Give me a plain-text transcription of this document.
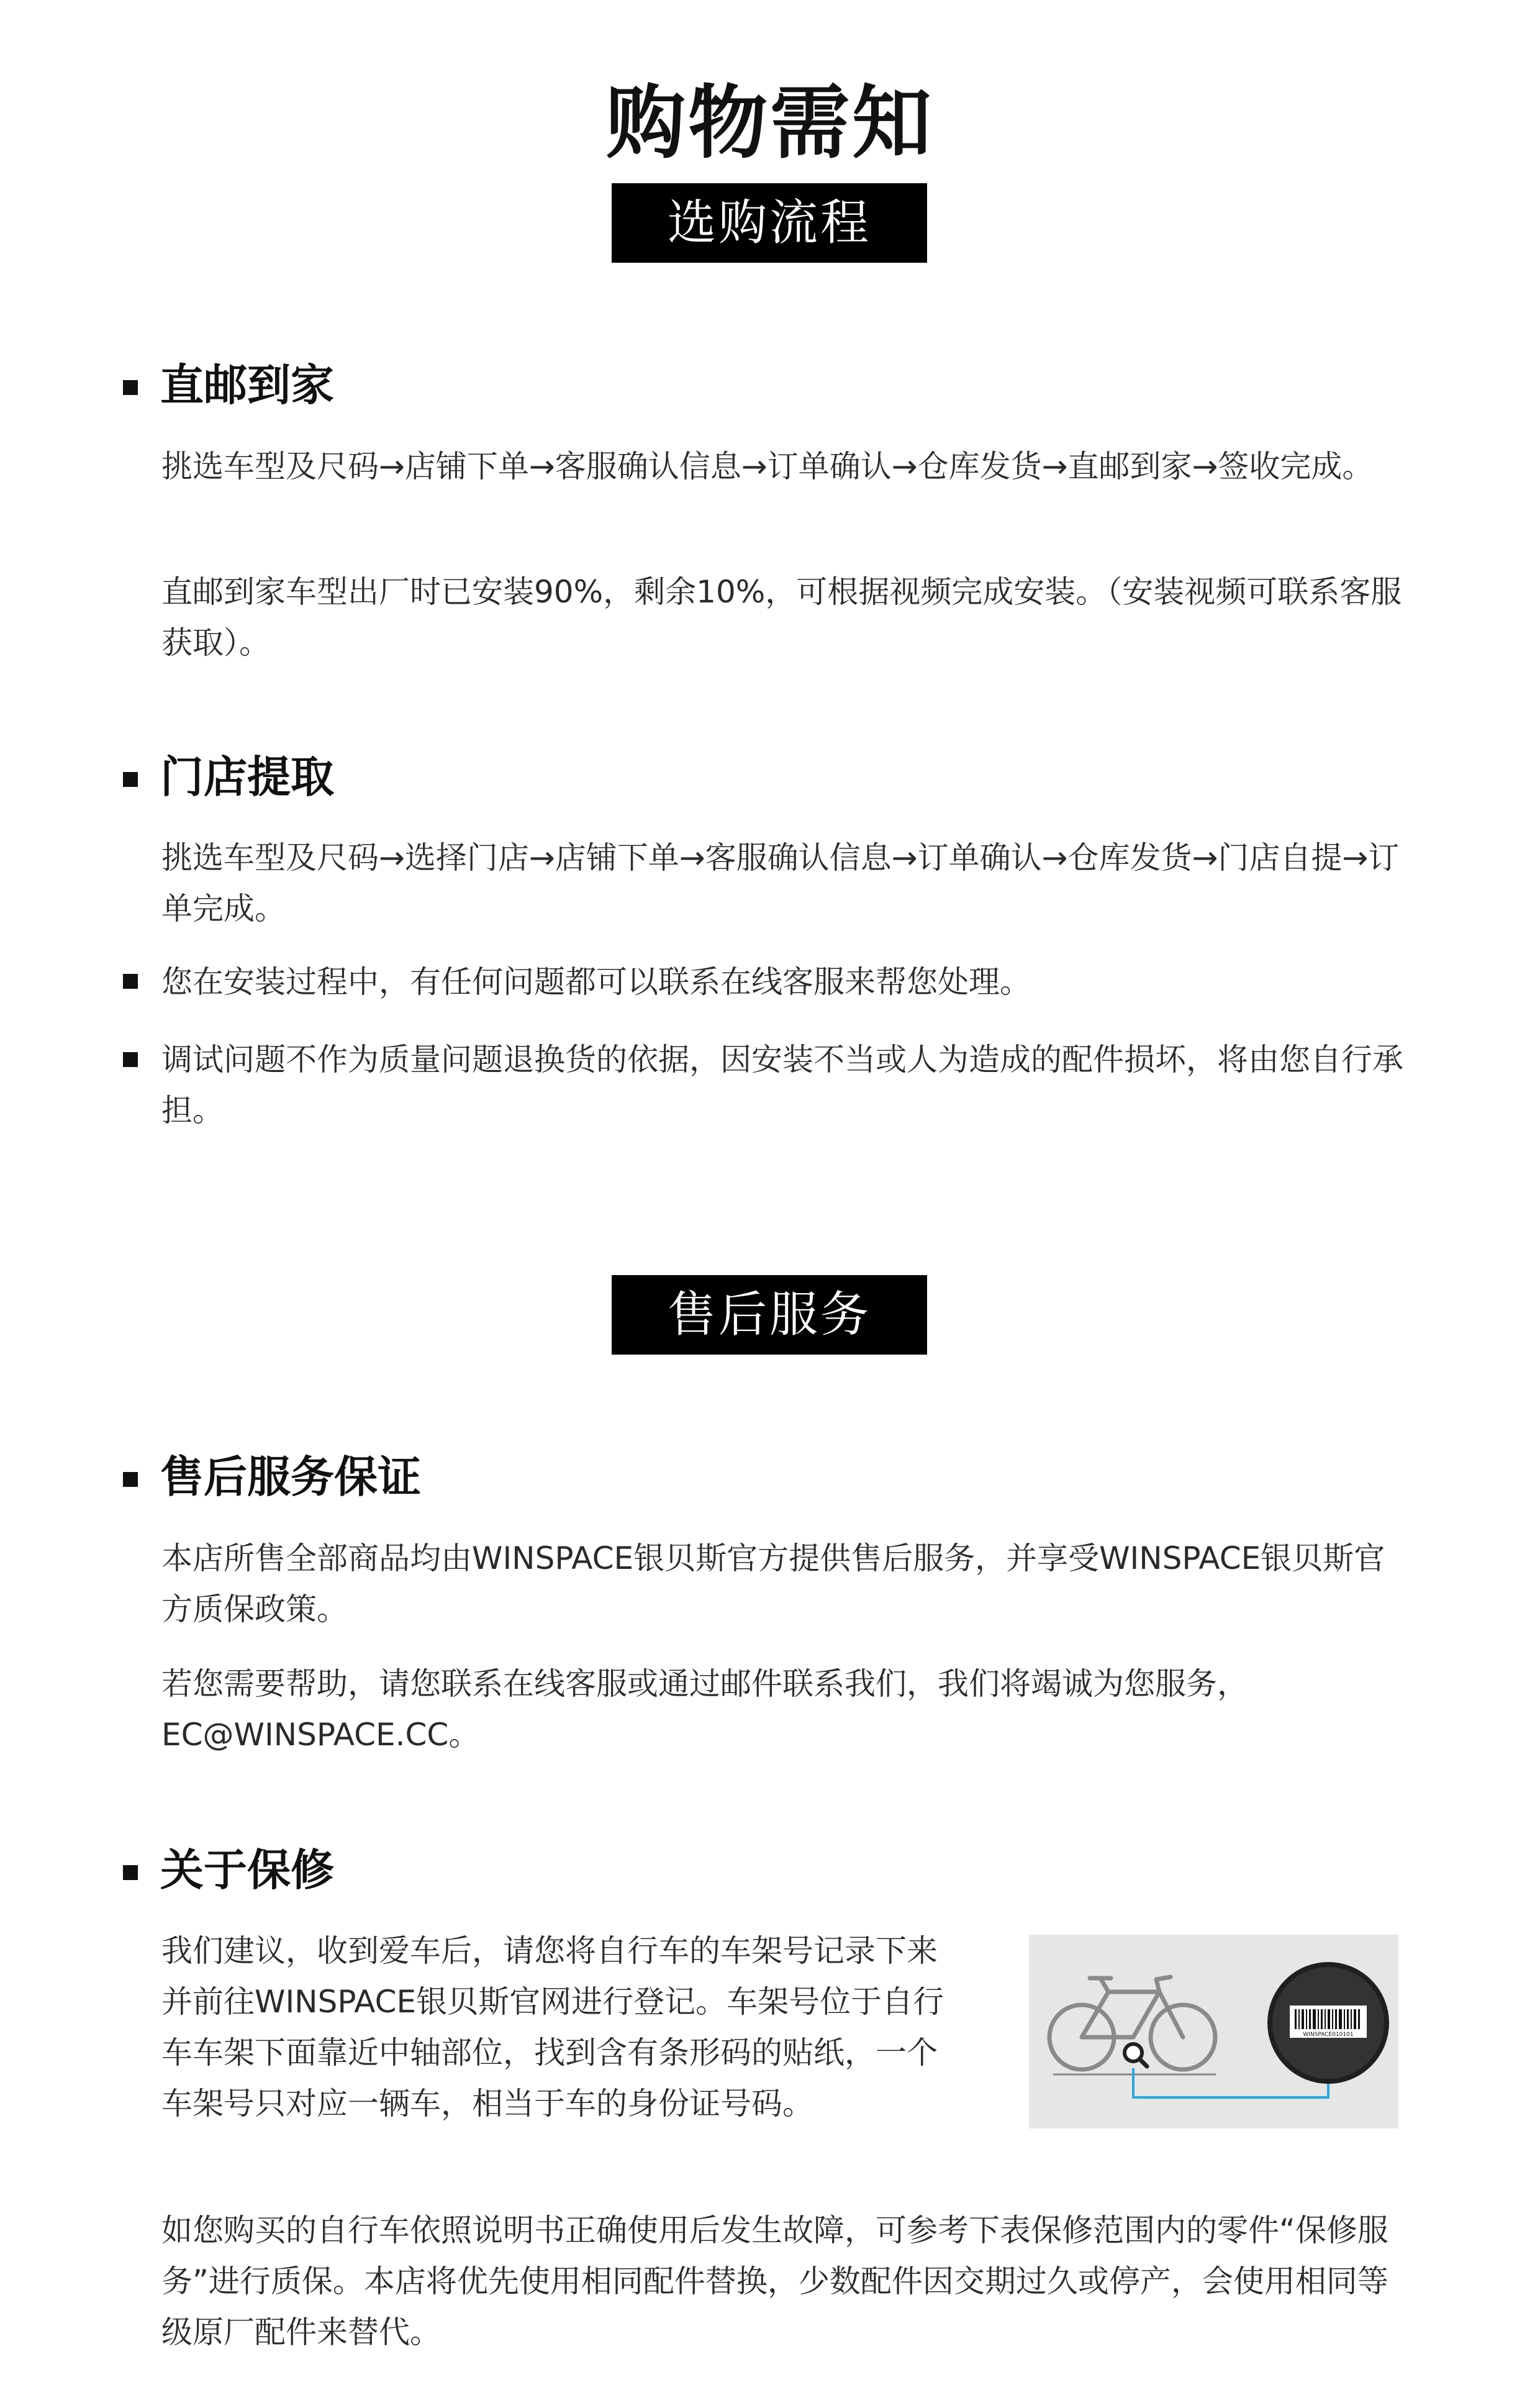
购物需知
选购流程
直邮到家

挑选车型及尺码→店铺下单→客服确认信息→订单确认→仓库发货→直邮到家→签收完成。

直邮到家车型出厂时已安装90%，剩余10%，可根据视频完成安装。（安装视频可联系客服获取）。

门店提取

挑选车型及尺码→选择门店→店铺下单→客服确认信息→订单确认→仓库发货→门店自提→订单完成。

您在安装过程中，有任何问题都可以联系在线客服来帮您处理。

调试问题不作为质量问题退换货的依据，因安装不当或人为造成的配件损坏，将由您自行承担。

售后服务
售后服务保证

本店所售全部商品均由WINSPACE银贝斯官方提供售后服务，并享受WINSPACE银贝斯官方质保政策。

若您需要帮助，请您联系在线客服或通过邮件联系我们，我们将竭诚为您服务，EC@WINSPACE.CC。

关于保修

我们建议，收到爱车后，请您将自行车的车架号记录下来并前往WINSPACE银贝斯官网进行登记。车架号位于自行车车架下面靠近中轴部位，找到含有条形码的贴纸，一个车架号只对应一辆车，相当于车的身份证号码。

WINSPACE010101

如您购买的自行车依照说明书正确使用后发生故障，可参考下表保修范围内的零件“保修服务”进行质保。本店将优先使用相同配件替换，少数配件因交期过久或停产，会使用相同等级原厂配件来替代。
